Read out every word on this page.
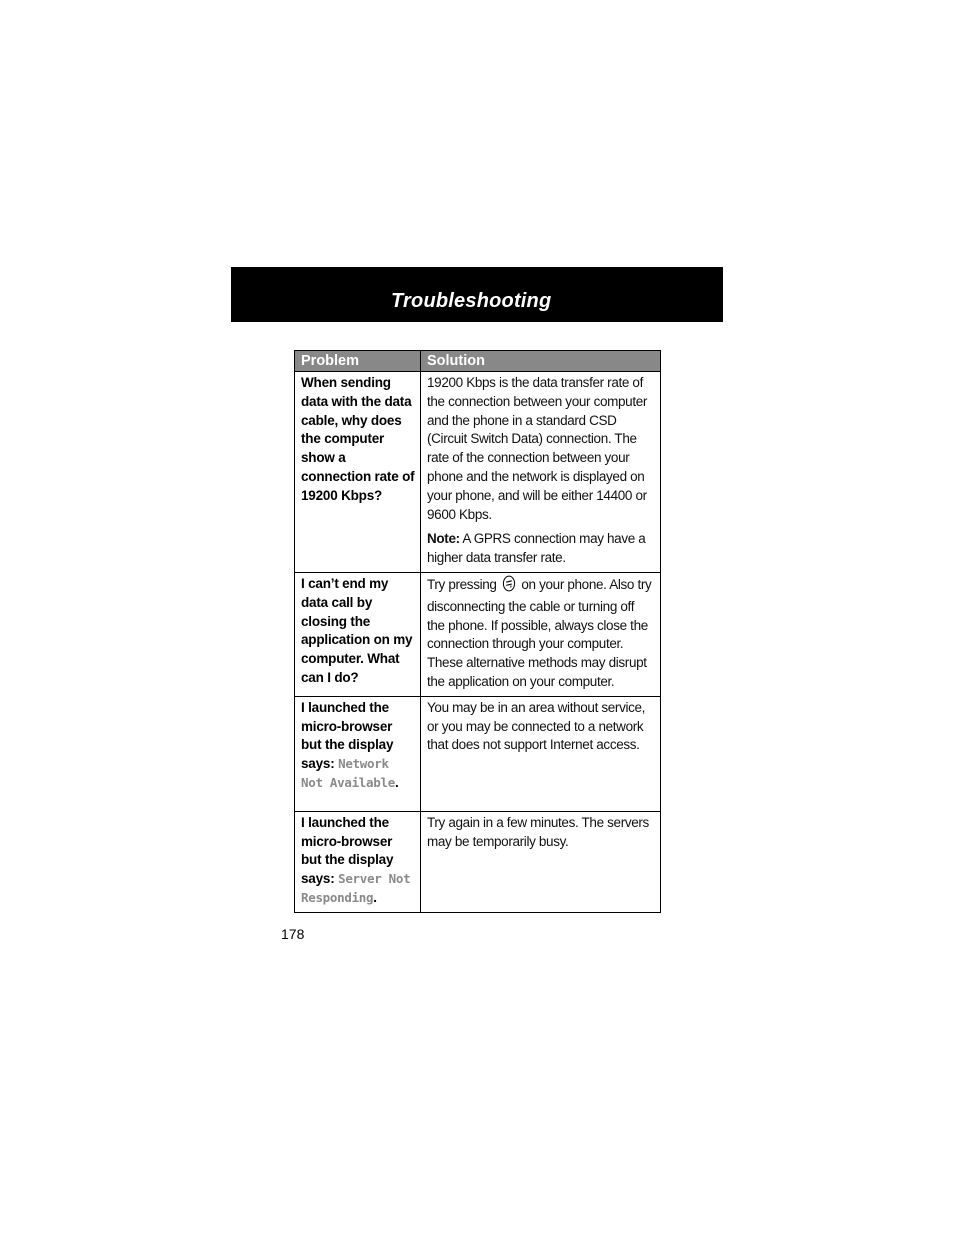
Troubleshooting
Problem	Solution
When sending data with the data cable, why does the computer show a connection rate of 19200 Kbps?	19200 Kbps is the data transfer rate of the connection between your computer and the phone in a standard CSD (Circuit Switch Data) connection. The rate of the connection between your phone and the network is displayed on your phone, and will be either 14400 or 9600 Kbps.

Note: A GPRS connection may have a higher data transfer rate.

I can’t end my data call by closing the application on my computer. What can I do?	Try pressing  on your phone. Also try disconnecting the cable or turning off the phone. If possible, always close the connection through your computer. These alternative methods may disrupt the application on your computer.

I launched the micro-browser but the display says: Network Not Available.	You may be in an area without service, or you may be connected to a network that does not support Internet access.
I launched the micro-browser but the display says: Server Not Responding.	Try again in a few minutes. The servers may be temporarily busy.
178
